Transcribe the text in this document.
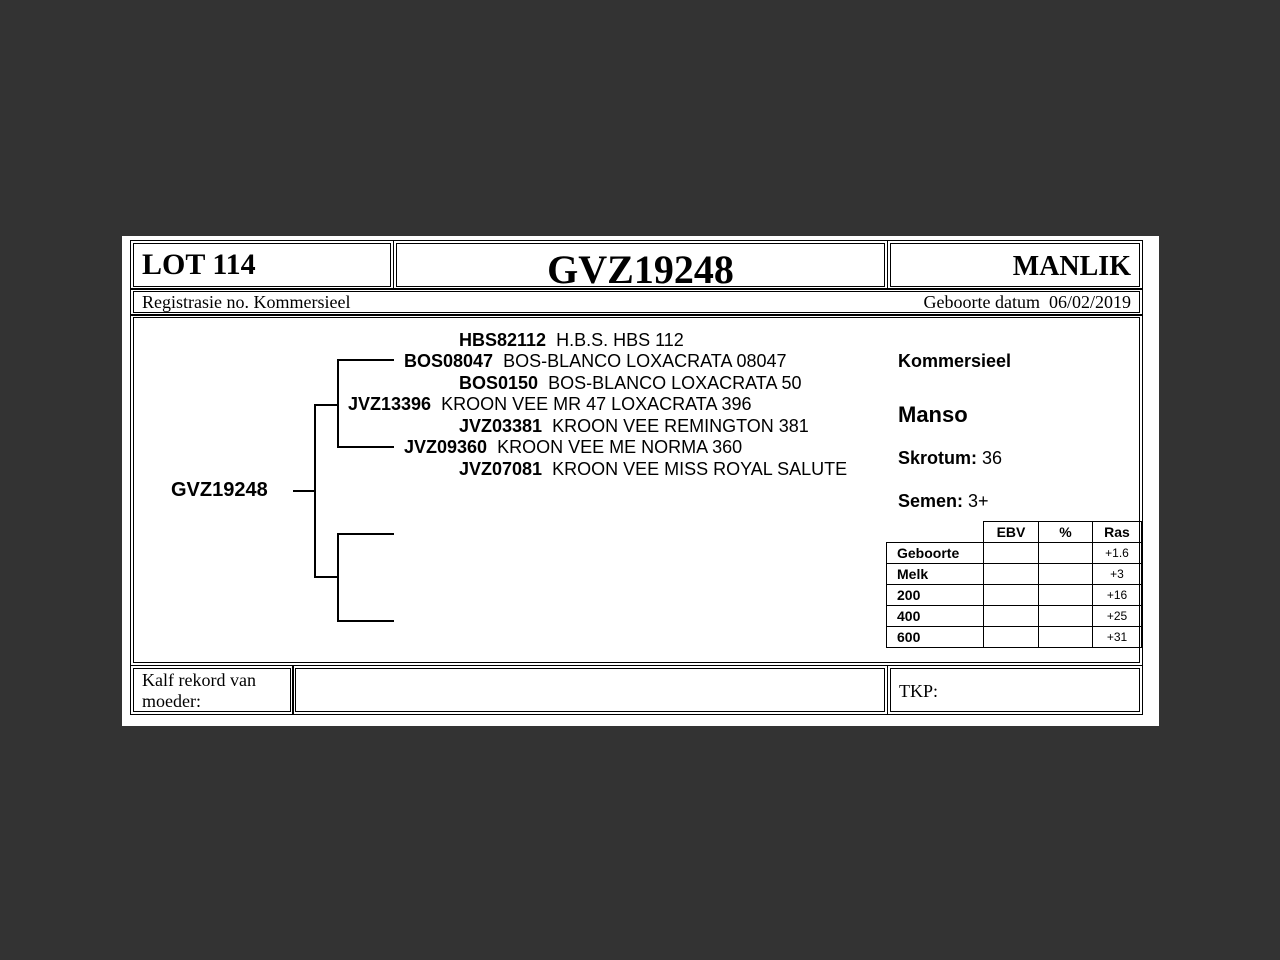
LOT 114	GVZ19248	MANLIK
Registrasie no. Kommersieel	Geboorte datum 06/02/2019
GVZ19248
HBS82112 H.B.S. HBS 112
BOS08047 BOS-BLANCO LOXACRATA 08047
BOS0150 BOS-BLANCO LOXACRATA 50
JVZ13396 KROON VEE MR 47 LOXACRATA 396
JVZ03381 KROON VEE REMINGTON 381
JVZ09360 KROON VEE ME NORMA 360
JVZ07081 KROON VEE MISS ROYAL SALUTE
Kommersieel
Manso
Skrotum: 36
Semen: 3+
	EBV	%	Ras
Geboorte			+1.6
Melk			+3
200			+16
400			+25
600			+31
Kalf rekord van
moeder:	TKP:
